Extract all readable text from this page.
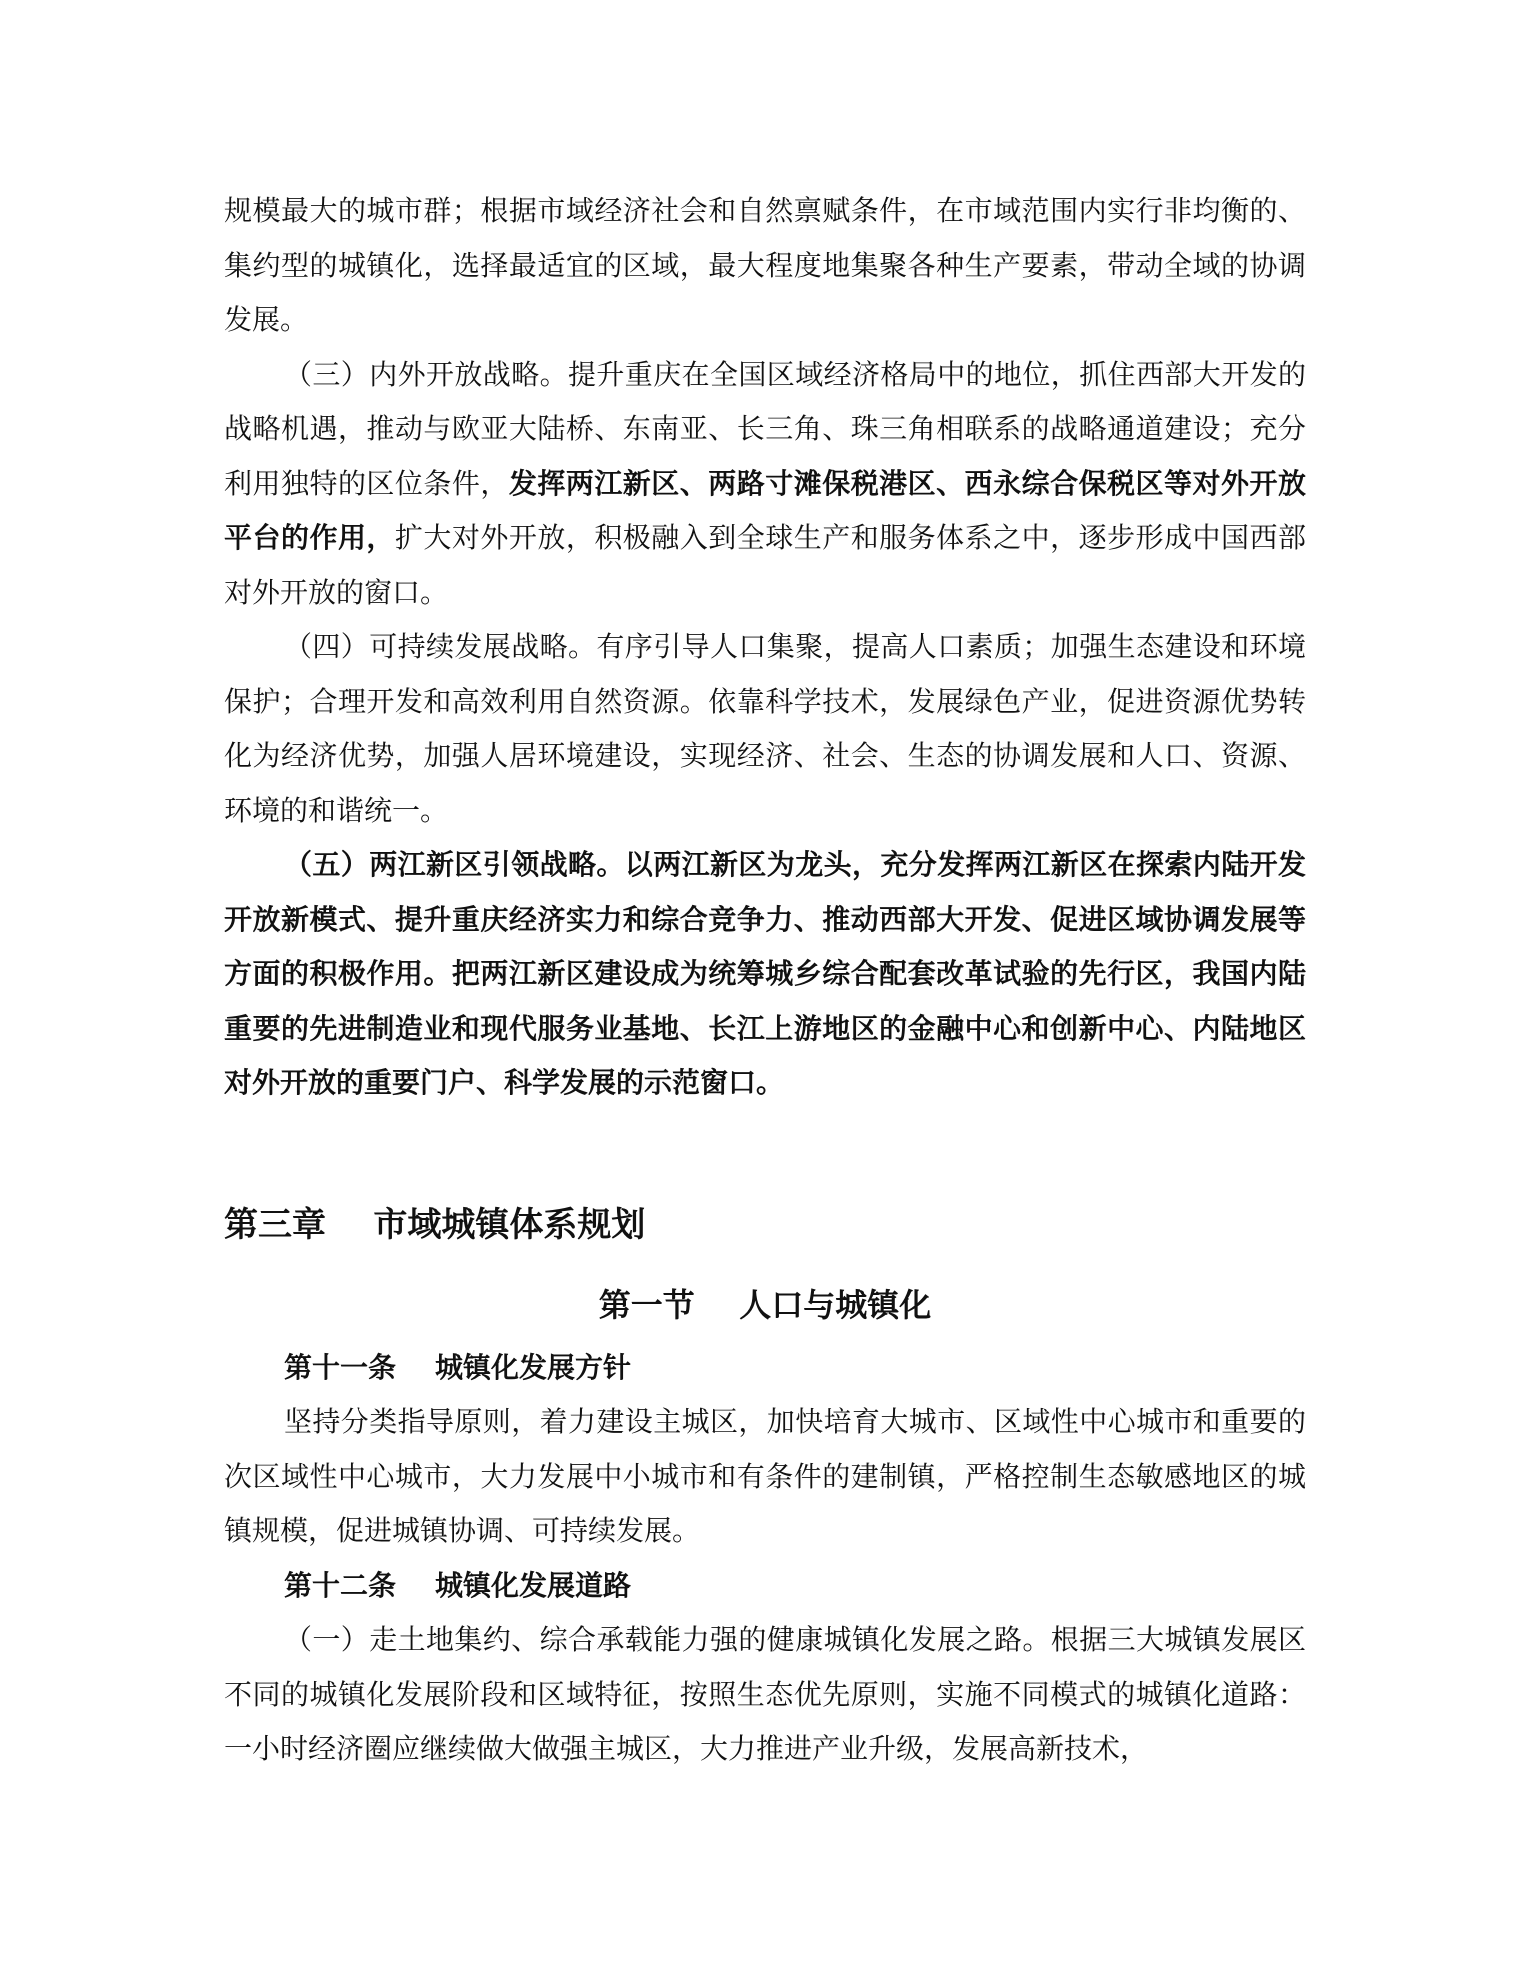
规模最大的城市群；根据市域经济社会和自然禀赋条件，在市域范围内实行非均衡的、集约型的城镇化，选择最适宜的区域，最大程度地集聚各种生产要素，带动全域的协调发展。

（三）内外开放战略。提升重庆在全国区域经济格局中的地位，抓住西部大开发的战略机遇，推动与欧亚大陆桥、东南亚、长三角、珠三角相联系的战略通道建设；充分利用独特的区位条件，发挥两江新区、两路寸滩保税港区、西永综合保税区等对外开放平台的作用，扩大对外开放，积极融入到全球生产和服务体系之中，逐步形成中国西部对外开放的窗口。

（四）可持续发展战略。有序引导人口集聚，提高人口素质；加强生态建设和环境保护；合理开发和高效利用自然资源。依靠科学技术，发展绿色产业，促进资源优势转化为经济优势，加强人居环境建设，实现经济、社会、生态的协调发展和人口、资源、环境的和谐统一。

（五）两江新区引领战略。以两江新区为龙头，充分发挥两江新区在探索内陆开发开放新模式、提升重庆经济实力和综合竞争力、推动西部大开发、促进区域协调发展等方面的积极作用。把两江新区建设成为统筹城乡综合配套改革试验的先行区，我国内陆重要的先进制造业和现代服务业基地、长江上游地区的金融中心和创新中心、内陆地区对外开放的重要门户、科学发展的示范窗口。

第三章    市域城镇体系规划
第一节    人口与城镇化
第十一条    城镇化发展方针

坚持分类指导原则，着力建设主城区，加快培育大城市、区域性中心城市和重要的次区域性中心城市，大力发展中小城市和有条件的建制镇，严格控制生态敏感地区的城镇规模，促进城镇协调、可持续发展。

第十二条    城镇化发展道路

（一）走土地集约、综合承载能力强的健康城镇化发展之路。根据三大城镇发展区不同的城镇化发展阶段和区域特征，按照生态优先原则，实施不同模式的城镇化道路：一小时经济圈应继续做大做强主城区，大力推进产业升级，发展高新技术，
